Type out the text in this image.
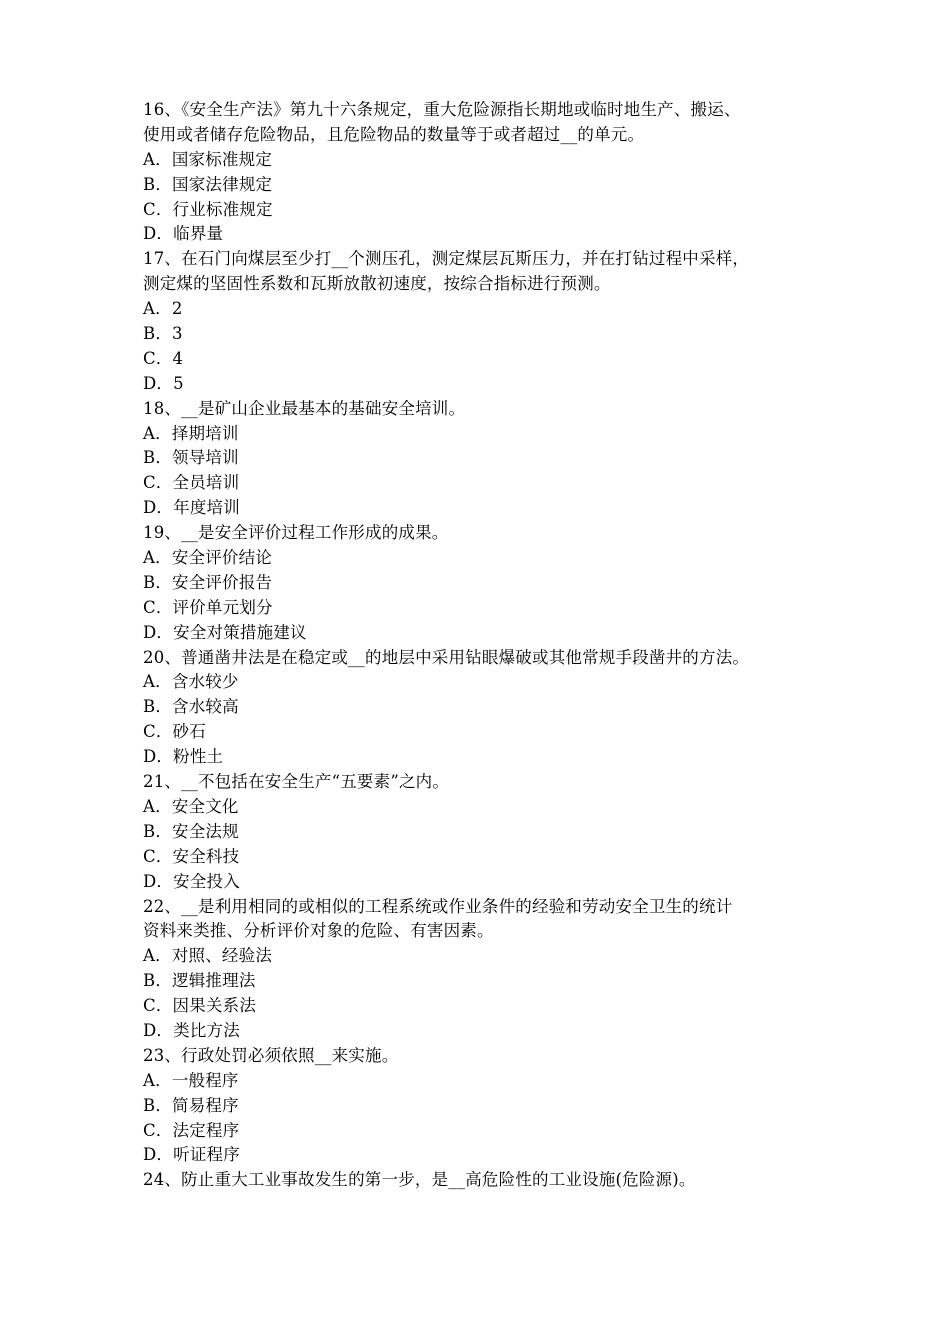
16、《安全生产法》第九十六条规定，重大危险源指长期地或临时地生产、搬运、
使用或者储存危险物品，且危险物品的数量等于或者超过__的单元。
A．国家标准规定
B．国家法律规定
C．行业标准规定
D．临界量
17、在石门向煤层至少打__个测压孔，测定煤层瓦斯压力，并在打钻过程中采样，
测定煤的坚固性系数和瓦斯放散初速度，按综合指标进行预测。
A．2
B．3
C．4
D．5
18、__是矿山企业最基本的基础安全培训。
A．择期培训
B．领导培训
C．全员培训
D．年度培训
19、__是安全评价过程工作形成的成果。
A．安全评价结论
B．安全评价报告
C．评价单元划分
D．安全对策措施建议
20、普通凿井法是在稳定或__的地层中采用钻眼爆破或其他常规手段凿井的方法。
A．含水较少
B．含水较高
C．砂石
D．粉性土
21、__不包括在安全生产“五要素”之内。
A．安全文化
B．安全法规
C．安全科技
D．安全投入
22、__是利用相同的或相似的工程系统或作业条件的经验和劳动安全卫生的统计
资料来类推、分析评价对象的危险、有害因素。
A．对照、经验法
B．逻辑推理法
C．因果关系法
D．类比方法
23、行政处罚必须依照__来实施。
A．一般程序
B．简易程序
C．法定程序
D．听证程序
24、防止重大工业事故发生的第一步，是__高危险性的工业设施(危险源)。
